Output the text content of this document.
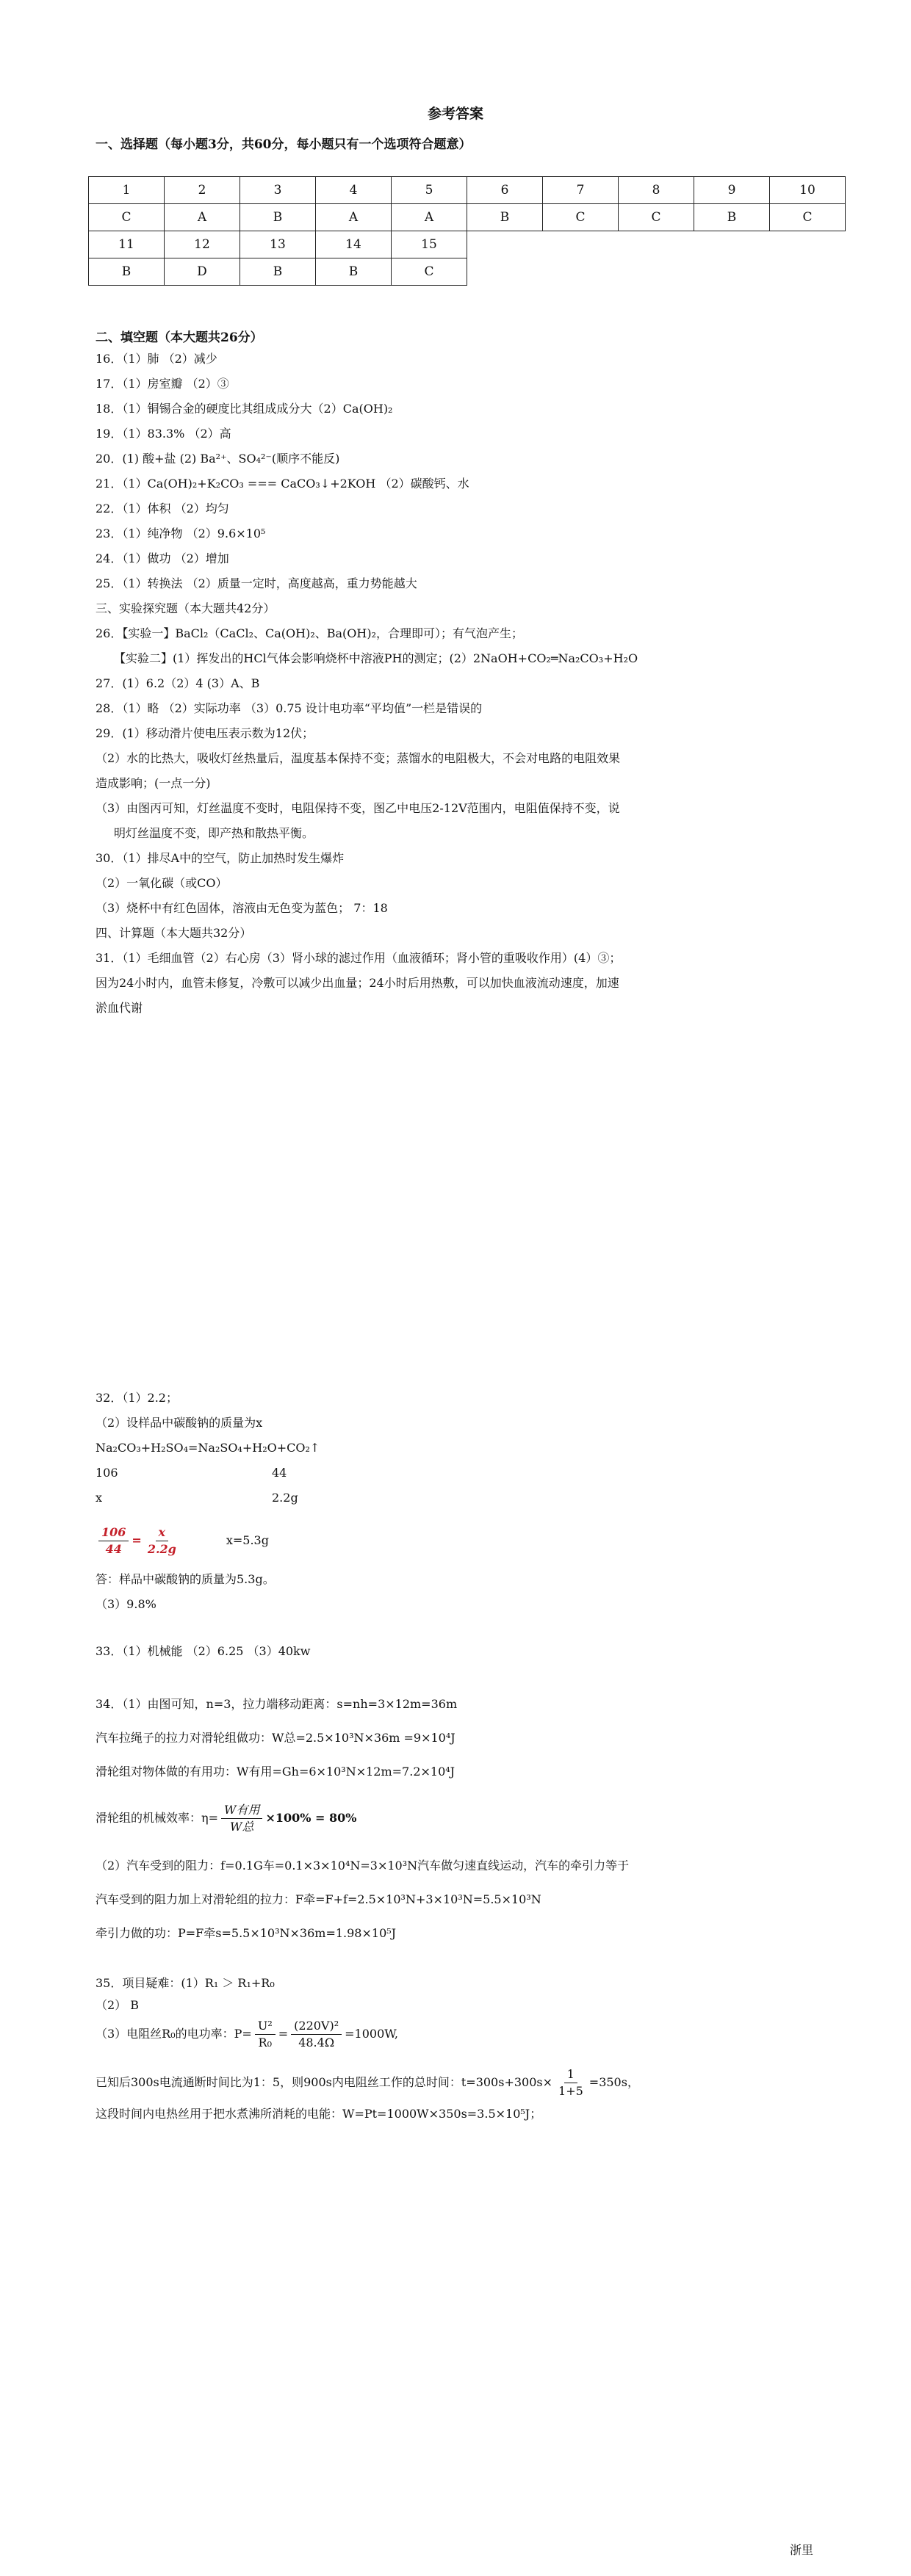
参考答案
一、选择题（每小题3分，共60分，每小题只有一个选项符合题意）
1	2	3	4	5	6	7	8	9	10
C	A	B	A	A	B	C	C	B	C
11	12	13	14	15					
B	D	B	B	C					
二、填空题（本大题共26分）
16．（1）肺 （2）减少
17．（1）房室瓣 （2）③
18．（1）铜锡合金的硬度比其组成成分大（2）Ca(OH)₂
19．（1）83.3% （2）高
20．(1) 酸+盐 (2) Ba²⁺、SO₄²⁻(顺序不能反)
21．（1）Ca(OH)₂+K₂CO₃ === CaCO₃↓+2KOH （2）碳酸钙、水
22．（1）体积 （2）均匀
23．（1）纯净物 （2）9.6×10⁵
24．（1）做功 （2）增加
25．（1）转换法 （2）质量一定时，高度越高，重力势能越大
三、实验探究题（本大题共42分）
26．【实验一】BaCl₂（CaCl₂、Ca(OH)₂、Ba(OH)₂，合理即可）；有气泡产生；
【实验二】(1）挥发出的HCl气体会影响烧杯中溶液PH的测定；(2）2NaOH+CO₂═Na₂CO₃+H₂O
27．(1）6.2（2）4 (3）A、B
28．（1）略 （2）实际功率 （3）0.75 设计电功率“平均值”一栏是错误的
29．(1）移动滑片使电压表示数为12伏；
（2）水的比热大，吸收灯丝热量后，温度基本保持不变；蒸馏水的电阻极大，不会对电路的电阻效果
造成影响；(一点一分)
（3）由图丙可知，灯丝温度不变时，电阻保持不变，图乙中电压2-12V范围内，电阻值保持不变，说
明灯丝温度不变，即产热和散热平衡。
30．（1）排尽A中的空气，防止加热时发生爆炸
（2）一氧化碳（或CO）
（3）烧杯中有红色固体，溶液由无色变为蓝色； 7：18
四、计算题（本大题共32分）
31．（1）毛细血管（2）右心房（3）肾小球的滤过作用（血液循环；肾小管的重吸收作用）(4）③；
因为24小时内，血管未修复，冷敷可以减少出血量；24小时后用热敷，可以加快血液流动速度，加速
淤血代谢
32．（1）2.2；
（2）设样品中碳酸钠的质量为x
Na₂CO₃+H₂SO₄=Na₂SO₄+H₂O+CO₂↑
106	44
x	2.2g
$\frac{106}{44} = \frac{x}{2.2g}$	x=5.3g
答：样品中碳酸钠的质量为5.3g。
（3）9.8%
33．（1）机械能 （2）6.25 （3）40kw
34．（1）由图可知，n=3，拉力端移动距离：s=nh=3×12m=36m
汽车拉绳子的拉力对滑轮组做功：W总=2.5×10³N×36m =9×10⁴J
滑轮组对物体做的有用功：W有用=Gh=6×10³N×12m=7.2×10⁴J
滑轮组的机械效率：$\eta= \frac{\text{W有用}}{\text{W总}} \times 100\% = 80\%$
（2）汽车受到的阻力：f=0.1G车=0.1×3×10⁴N=3×10³N汽车做匀速直线运动，汽车的牵引力等于
汽车受到的阻力加上对滑轮组的拉力：F牵=F+f=2.5×10³N+3×10³N=5.5×10³N
牵引力做的功：P=F牵s=5.5×10³N×36m=1.98×10⁵J
35．项目疑难：(1）R₁ ＞ R₁+R₀
（2） B
（3）电阻丝R₀的电功率：$P= \frac{\text{U²}}{\text{R₀}} = \frac{\text{(220V)²}}{48.4\Omega} =1000W$,
已知后300s电流通断时间比为1：5，则900s内电阻丝工作的总时间：$t=300s+300s\times \frac{1}{1+5} =350s$，
这段时间内电热丝用于把水煮沸所消耗的电能：W=Pt=1000W×350s=3.5×10⁵J；
浙里
